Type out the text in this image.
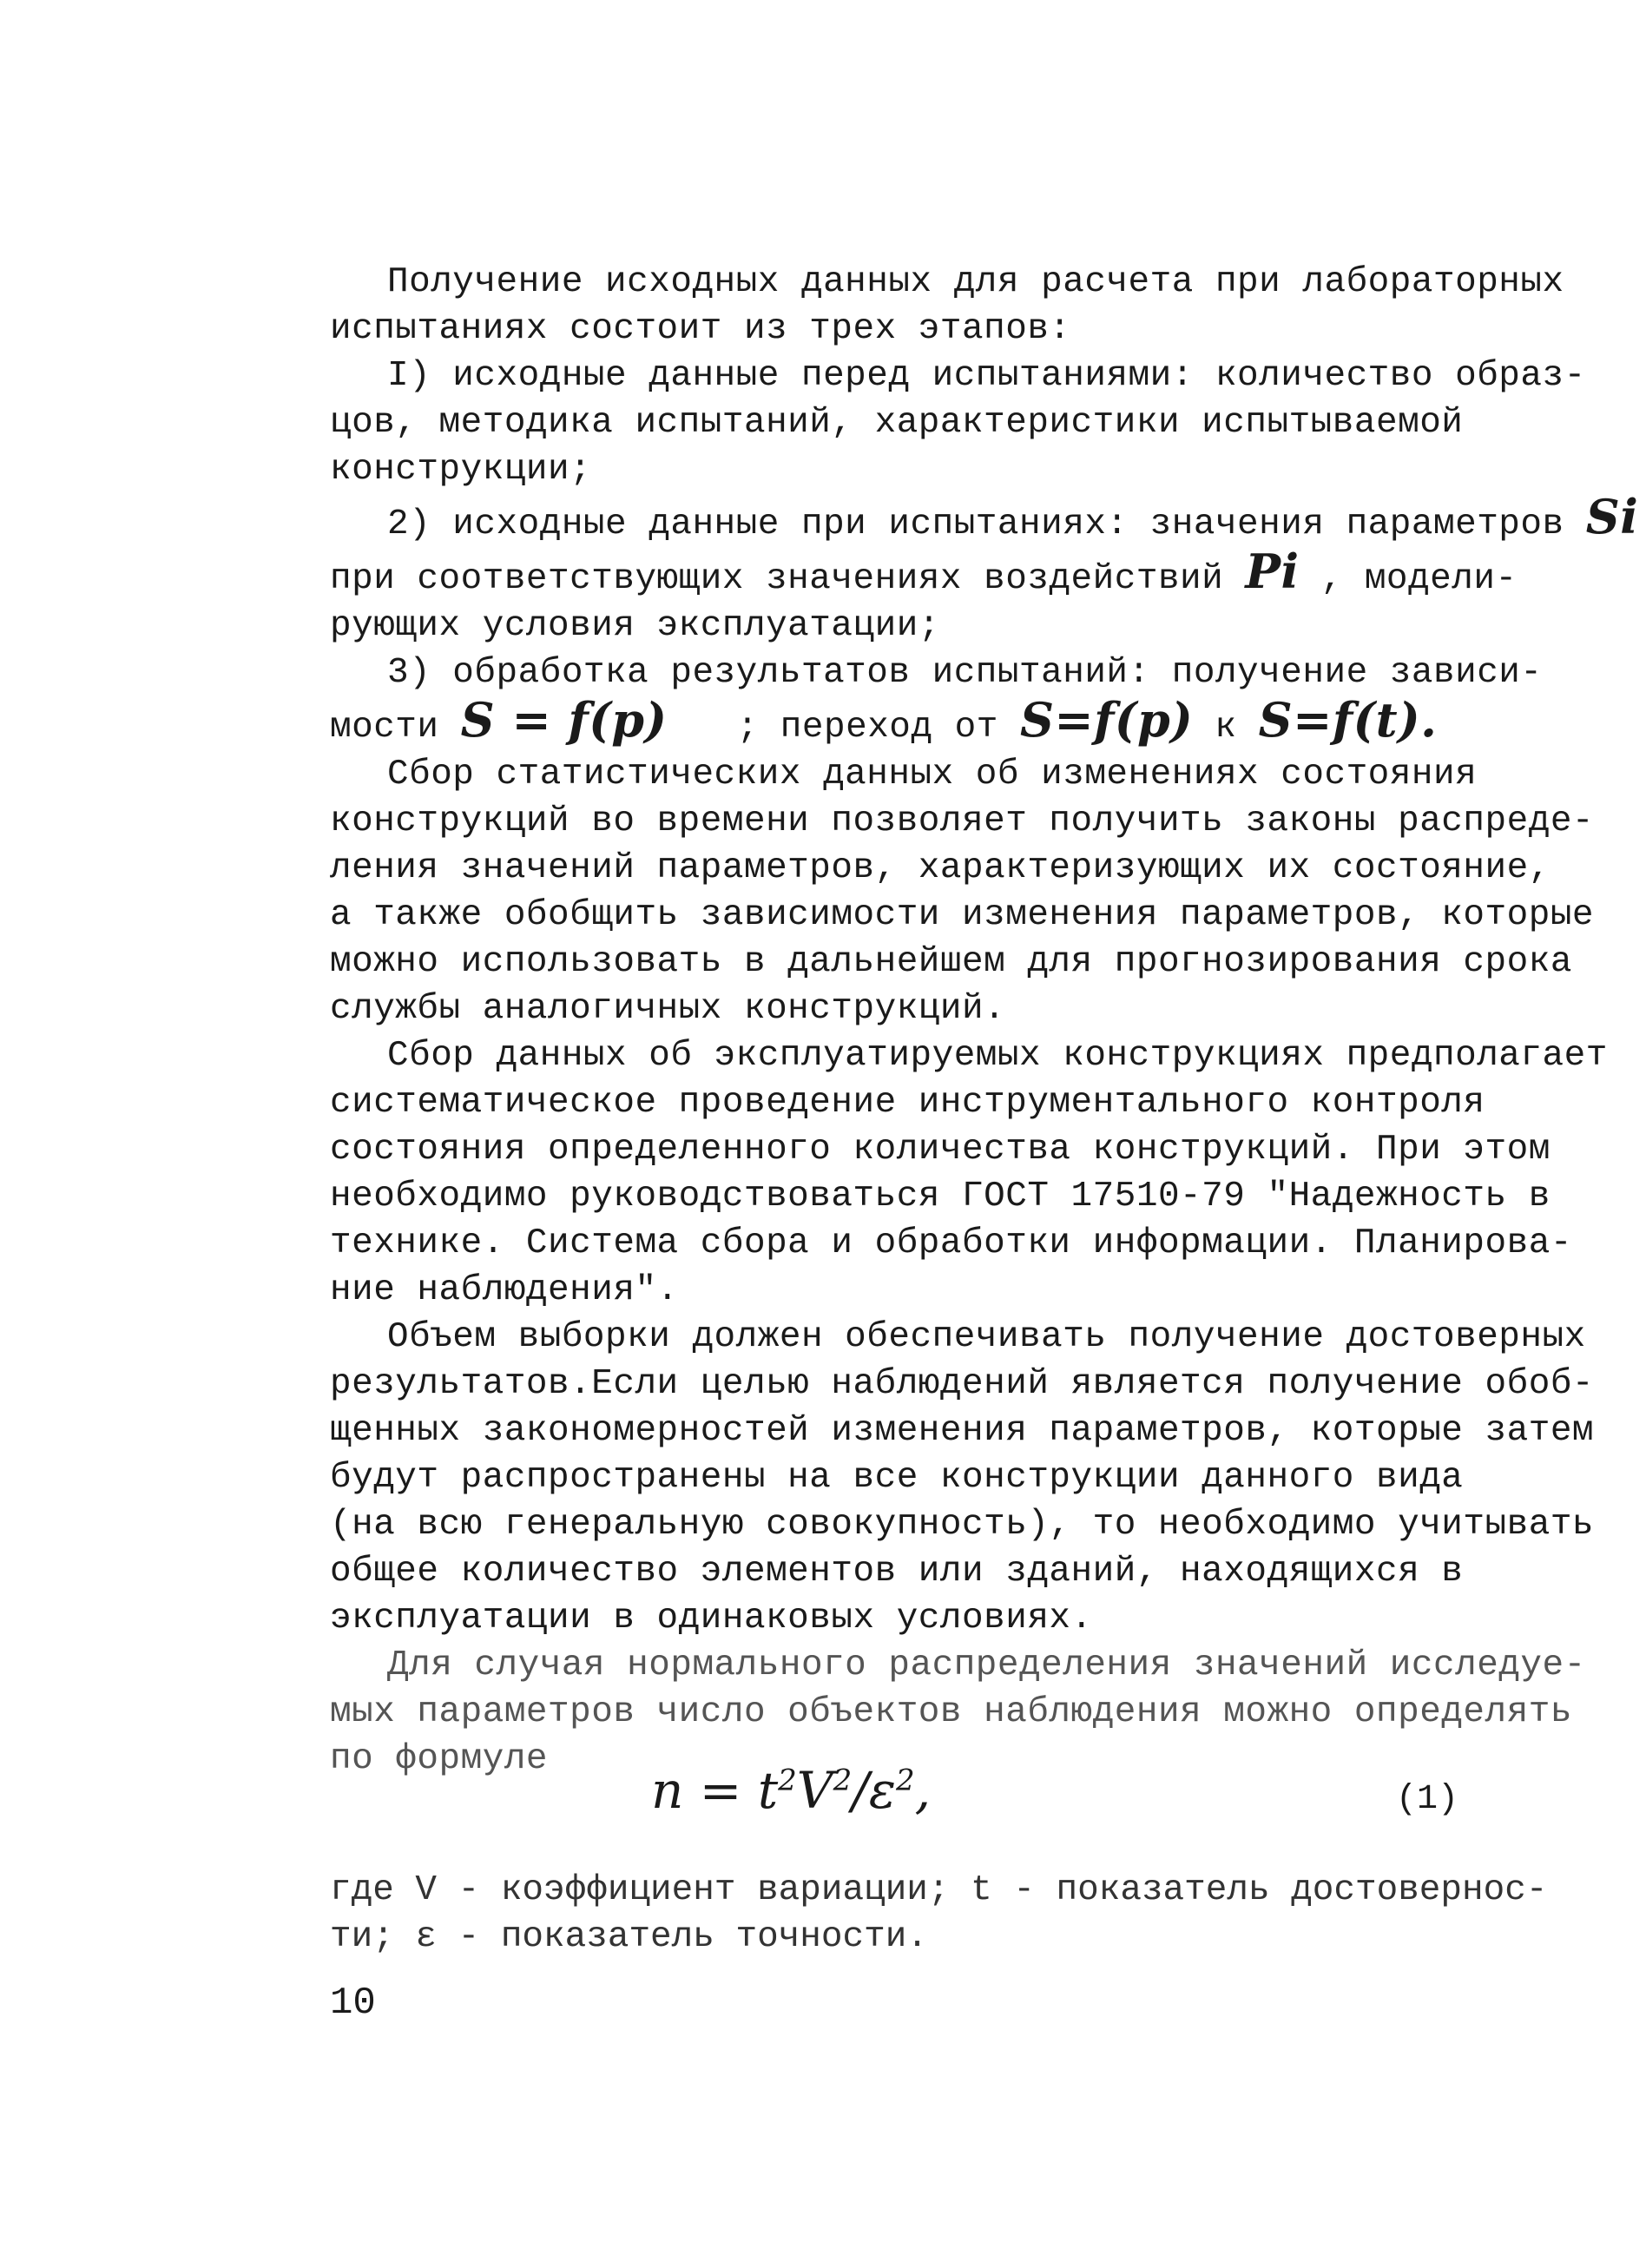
Получение исходных данных для расчета при лабораторных
испытаниях состоит из трех этапов:
I) исходные данные перед испытаниями: количество образ-
цов, методика испытаний, характеристики испытываемой
конструкции;
2) исходные данные при испытаниях: значения параметров Si
при соответствующих значениях воздействий Pi , модели-
рующих условия эксплуатации;
3) обработка результатов испытаний: получение зависи-
мости S = f(p) ; переход от S=f(p) к S=f(t).
Сбор статистических данных об изменениях состояния
конструкций во времени позволяет получить законы распреде-
ления значений параметров, характеризующих их состояние,
а также обобщить зависимости изменения параметров, которые
можно использовать в дальнейшем для прогнозирования срока
службы аналогичных конструкций.
Сбор данных об эксплуатируемых конструкциях предполагает
систематическое проведение инструментального контроля
состояния определенного количества конструкций. При этом
необходимо руководствоваться ГОСТ 17510-79 "Надежность в
технике. Система сбора и обработки информации. Планирова-
ние наблюдения".
Объем выборки должен обеспечивать получение достоверных
результатов.Если целью наблюдений является получение обоб-
щенных закономерностей изменения параметров, которые затем
будут распространены на все конструкции данного вида
(на всю генеральную совокупность), то необходимо учитывать
общее количество элементов или зданий, находящихся в
эксплуатации в одинаковых условиях.
Для случая нормального распределения значений исследуе-
мых параметров число объектов наблюдения можно определять
по формуле
$n = t^2V^2/\varepsilon^2$,	(1)
где V - коэффициент вариации; t - показатель достовернос-
ти; ε - показатель точности.
10
